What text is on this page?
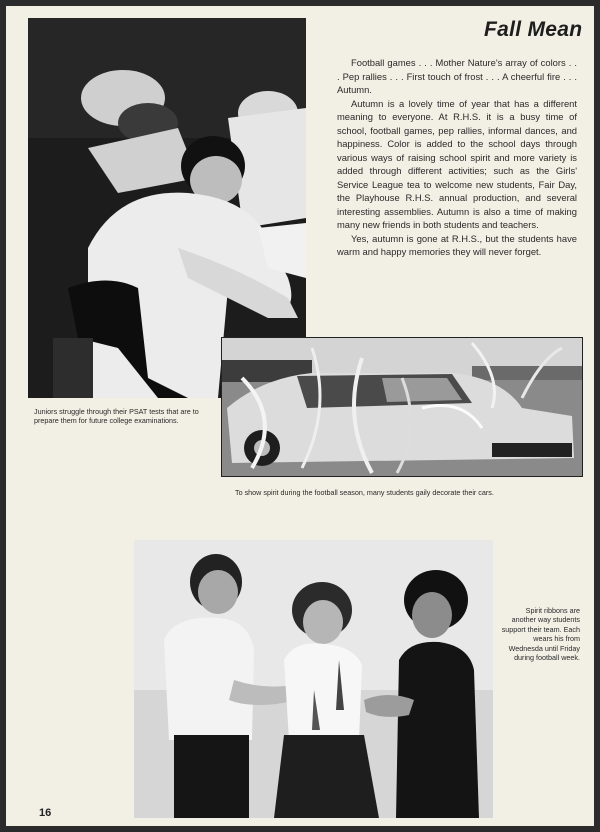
Fall Mean
Juniors struggle through their PSAT tests that are to prepare them for future college examinations.

Football games . . . Mother Nature's array of colors . . . Pep rallies . . . First touch of frost . . . A cheerful fire . . . Autumn.

Autumn is a lovely time of year that has a different meaning to everyone. At R.H.S. it is a busy time of school, football games, pep rallies, informal dances, and happiness. Color is added to the school days through various ways of raising school spirit and more variety is added through different activities; such as the Girls' Service League tea to welcome new students, Fair Day, the Playhouse R.H.S. annual production, and several interesting assemblies. Autumn is also a time of making many new friends in both students and teachers.

Yes, autumn is gone at R.H.S., but the students have warm and happy memories they will never forget.

To show spirit during the football season, many students gaily decorate their cars.
Spirit ribbons are another way students support their team. Each wears his from Wednesda until Friday during football week.
16
